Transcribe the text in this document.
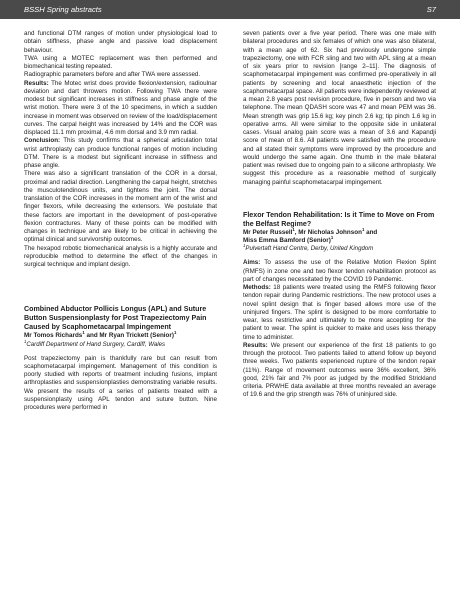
BSSH Spring abstracts	S7

and functional DTM ranges of motion under physiological load to obtain stiffness, phase angle and passive load displacement behaviour.

TWA using a MOTEC replacement was then performed and biomechanical testing repeated.

Radiographic parameters before and after TWA were assessed.

Results: The Motec wrist does provide flexion/extension, radioulnar deviation and dart throwers motion. Following TWA there were modest but significant increases in stiffness and phase angle of the wrist motion. There were 3 of the 10 specimens, in which a sudden increase in moment was observed on review of the load/displacement curves. The carpal height was increased by 14% and the COR was displaced 11.1 mm proximal, 4.6 mm dorsal and 3.9 mm radial.

Conclusion: This study confirms that a spherical articulation total wrist arthroplasty can produce functional ranges of motion including DTM. There is a modest but significant increase in stiffness and phase angle.

There was also a significant translation of the COR in a dorsal, proximal and radial direction. Lengthening the carpal height, stretches the musculotendinous units, and tightens the joint. The dorsal translation of the COR increases in the moment arm of the wrist and finger flexors, while decreasing the extensors. We postulate that these factors are important in the development of post-operative flexion contractures. Many of these points can be modified with changes in technique and are likely to be critical in achieving the optimal clinical and survivorship outcomes.

The hexapod robotic biomechanical analysis is a highly accurate and reproducible method to determine the effect of the changes in surgical technique and implant design.

Combined Abductor Pollicis Longus (APL) and Suture Button Suspensionplasty for Post Trapeziectomy Pain Caused by Scaphometacarpal Impingement

Mr Tomos Richards$^1$ and Mr Ryan Trickett (Senior)$^1$

$^1$Cardiff Department of Hand Surgery, Cardiff, Wales

Post trapeziectomy pain is thankfully rare but can result from scaphometacarpal impingement. Management of this condition is poorly studied with reports of treatment including fusions, implant arthroplasties and suspensionplasties demonstrating variable results. We present the results of a series of patients treated with a suspensionplasty using APL tendon and suture button. Nine procedures were performed in

seven patients over a five year period. There was one male with bilateral procedures and six females of which one was also bilateral, with a mean age of 62. Six had previously undergone simple trapeziectomy, one with FCR sling and two with APL sling at a mean of six years prior to revision [range 2–11]. The diagnosis of scaphometacarpal impingement was confirmed pre-operatively in all patients by screening and local anaesthetic injection of the scaphometacarpal space. All patients were independently reviewed at a mean 2.8 years post revision procedure, five in person and two via telephone. The mean QDASH score was 47 and mean PEM was 36. Mean strength was grip 15.6 kg; key pinch 2.6 kg; tip pinch 1.6 kg in operative arms. All were similar to the opposite side in unilateral cases. Visual analog pain score was a mean of 3.6 and Kapandji score of mean of 8.6. All patients were satisfied with the procedure and all stated their symptoms were improved by the procedure and would undergo the same again. One thumb in the male bilateral patient was revised due to ongoing pain to a silicone arthroplasty. We suggest this procedure as a reasonable method of surgically managing painful scaphometacarpal impingement.

Flexor Tendon Rehabilitation: Is it Time to Move on From the Belfast Regime?

Mr Peter Russell$^1$, Mr Nicholas Johnson$^1$ and
Miss Emma Bamford (Senior)$^1$

$^1$Pulvertaft Hand Centre, Derby, United Kingdom

Aims: To assess the use of the Relative Motion Flexion Splint (RMFS) in zone one and two flexor tendon rehabilitation protocol as part of changes necessitated by the COVID 19 Pandemic.

Methods: 18 patients were treated using the RMFS following flexor tendon repair during Pandemic restrictions. The new protocol uses a novel splint design that is finger based allows more use of the uninjured fingers. The splint is designed to be more comfortable to wear, less restrictive and ultimately to be more accepting for the patient to wear. The splint is quicker to make and uses less therapy time to administer.

Results: We present our experience of the first 18 patients to go through the protocol. Two patients failed to attend follow up beyond three weeks. Two patients experienced rupture of the tendon repair (11%). Range of movement outcomes were 36% excellent, 36% good, 21% fair and 7% poor as judged by the modified Strickland criteria. PRWHE data available at three months revealed an average of 19.6 and the grip strength was 76% of uninjured side.
